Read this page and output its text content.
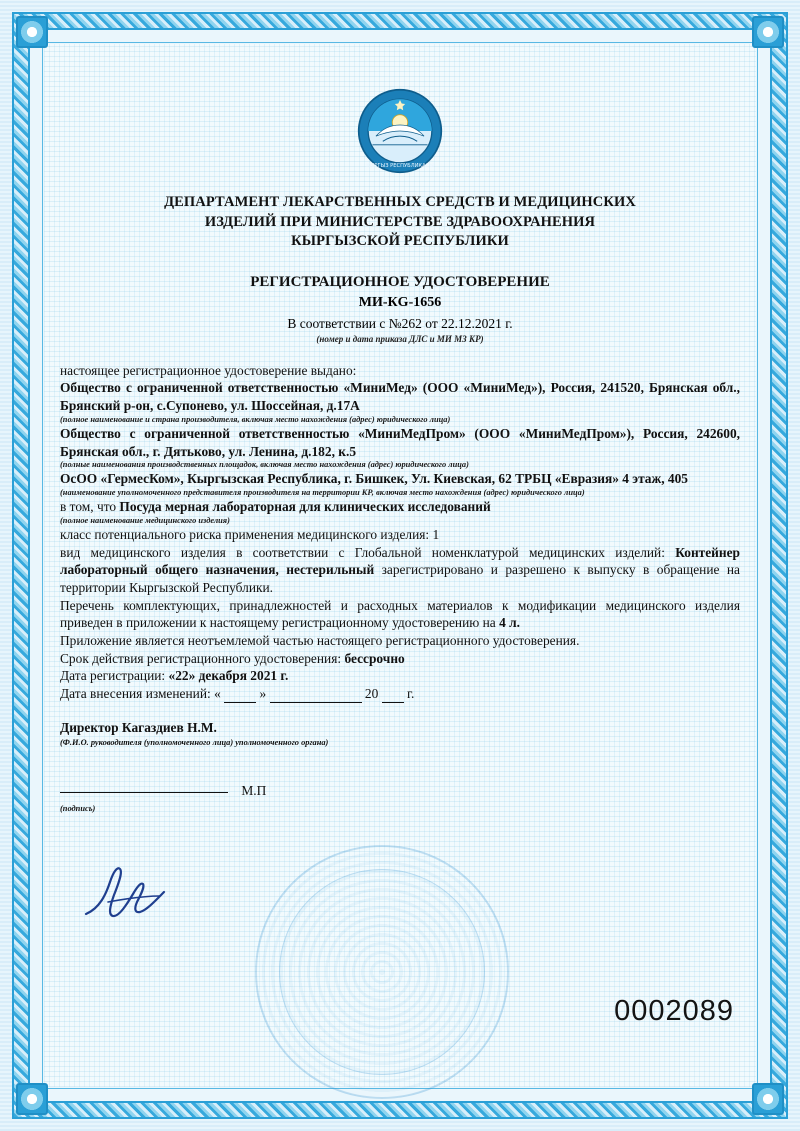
КЫРГЫЗ РЕСПУБЛИКАСЫ
ДЕПАРТАМЕНТ ЛЕКАРСТВЕННЫХ СРЕДСТВ И МЕДИЦИНСКИХ
ИЗДЕЛИЙ ПРИ МИНИСТЕРСТВЕ ЗДРАВООХРАНЕНИЯ
КЫРГЫЗСКОЙ РЕСПУБЛИКИ
РЕГИСТРАЦИОННОЕ УДОСТОВЕРЕНИЕ
МИ-КG-1656
В соответствии с №262 от 22.12.2021 г.
(номер и дата приказа ДЛС и МИ МЗ КР)

настоящее регистрационное удостоверение выдано:

Общество с ограниченной ответственностью «МиниМед» (ООО «МиниМед»), Россия, 241520, Брянская обл., Брянский р-он, с.Супонево, ул. Шоссейная, д.17А

(полное наименование и страна производителя, включая место нахождения (адрес) юридического лица)

Общество с ограниченной ответственностью «МиниМедПром» (ООО «МиниМедПром»), Россия, 242600, Брянская обл., г. Дятьково, ул. Ленина, д.182, к.5

(полные наименования производственных площадок, включая место нахождения (адрес) юридического лица)

ОсОО «ГермесКом», Кыргызская Республика, г. Бишкек, Ул. Киевская, 62 ТРБЦ «Евразия» 4 этаж, 405

(наименование уполномоченного представителя производителя на территории КР, включая место нахождения (адрес) юридического лица)

в том, что Посуда мерная лабораторная для клинических исследований

(полное наименование медицинского изделия)

класс потенциального риска применения медицинского изделия: 1

вид медицинского изделия в соответствии с Глобальной номенклатурой медицинских изделий: Контейнер лабораторный общего назначения, нестерильный зарегистрировано и разрешено к выпуску в обращение на территории Кыргызской Республики.

Перечень комплектующих, принадлежностей и расходных материалов к модификации медицинского изделия приведен в приложении к настоящему регистрационному удостоверению на 4 л.

Приложение является неотъемлемой частью настоящего регистрационного удостоверения.

Срок действия регистрационного удостоверения: бессрочно

Дата регистрации: «22» декабря 2021 г.

Дата внесения изменений: «	»	20 г.

Директор Кагаздиев Н.М.
(Ф.И.О. руководителя (уполномоченного лица) уполномоченного органа)
М.П
(подпись)
0002089
